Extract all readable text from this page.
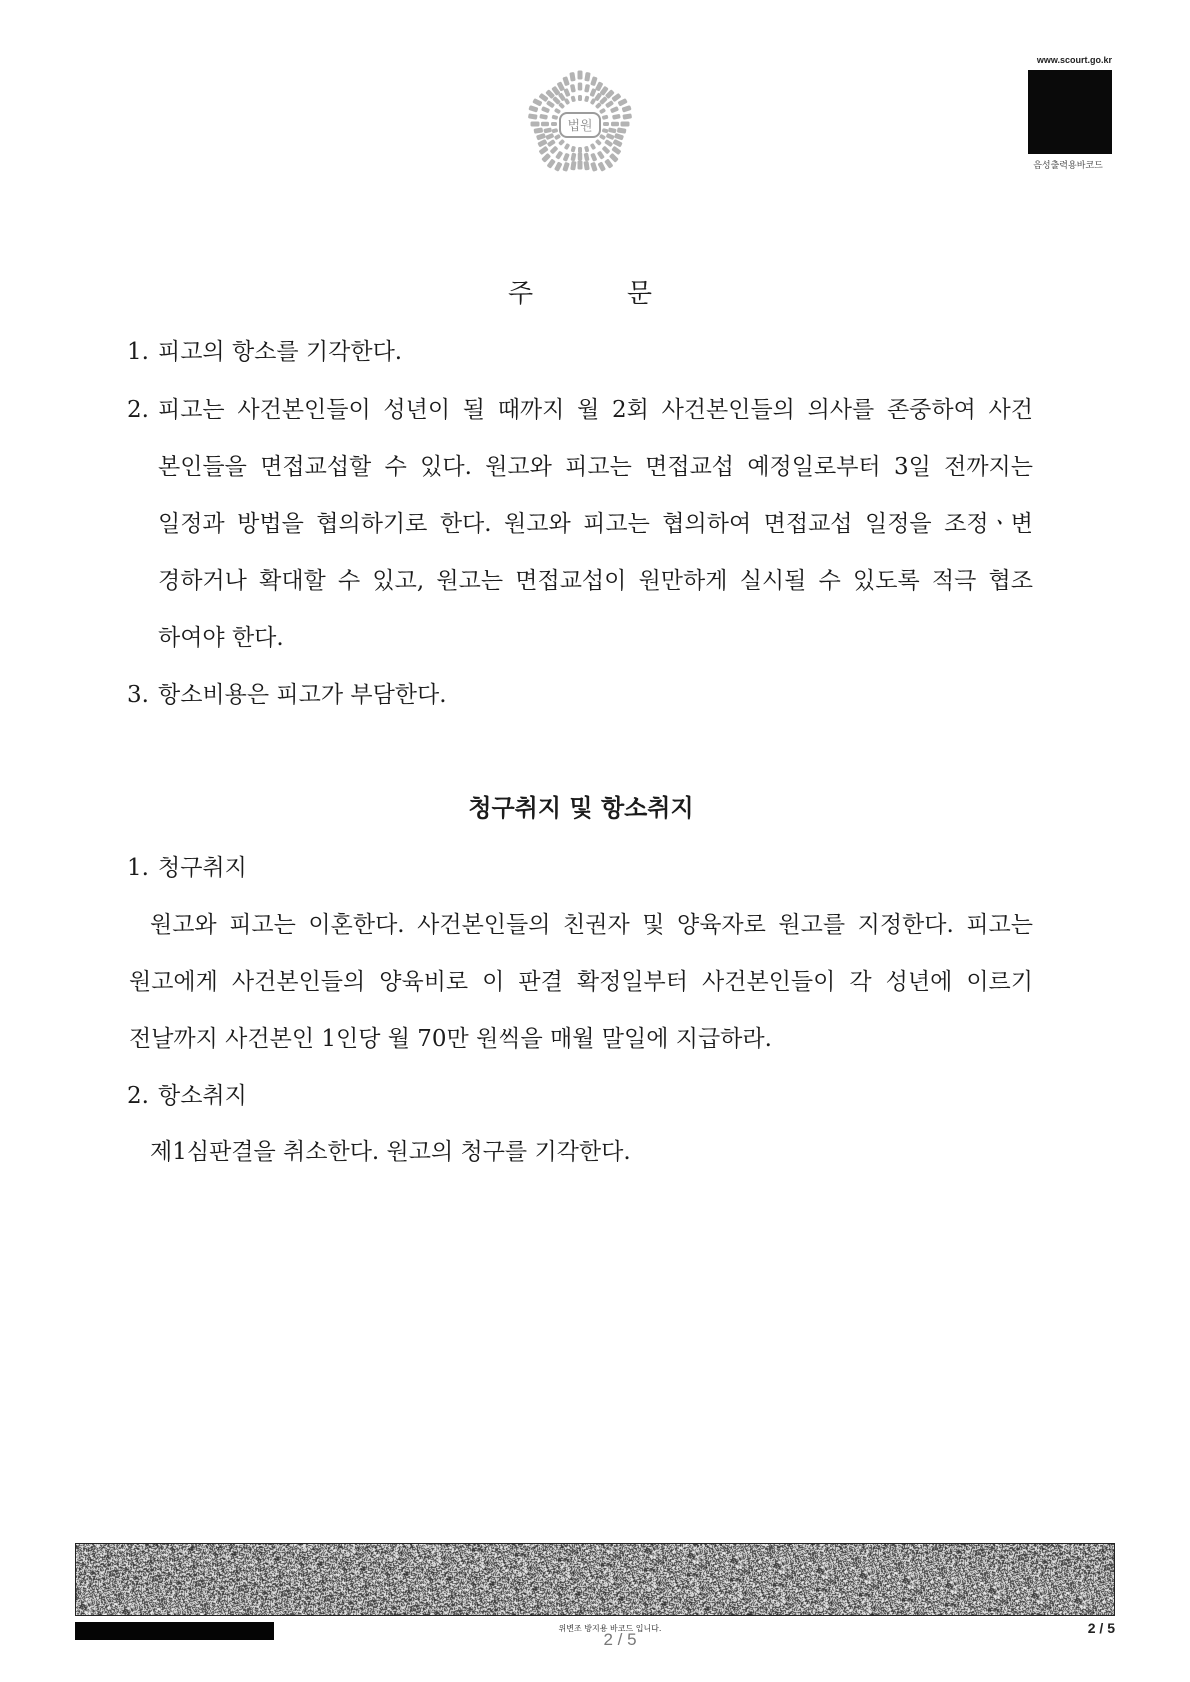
법원
www.scourt.go.kr
음성출력용바코드
주 문
1. 피고의 항소를 기각한다.
2. 피고는 사건본인들이 성년이 될 때까지 월 2회 사건본인들의 의사를 존중하여 사건
본인들을 면접교섭할 수 있다. 원고와 피고는 면접교섭 예정일로부터 3일 전까지는
일정과 방법을 협의하기로 한다. 원고와 피고는 협의하여 면접교섭 일정을 조정ㆍ변
경하거나 확대할 수 있고, 원고는 면접교섭이 원만하게 실시될 수 있도록 적극 협조
하여야 한다.
3. 항소비용은 피고가 부담한다.
청구취지 및 항소취지
1. 청구취지
원고와 피고는 이혼한다. 사건본인들의 친권자 및 양육자로 원고를 지정한다. 피고는
원고에게 사건본인들의 양육비로 이 판결 확정일부터 사건본인들이 각 성년에 이르기
전날까지 사건본인 1인당 월 70만 원씩을 매월 말일에 지급하라.
2. 항소취지
제1심판결을 취소한다. 원고의 청구를 기각한다.
위변조 방지용 바코드 입니다.
2 / 5
2 / 5
